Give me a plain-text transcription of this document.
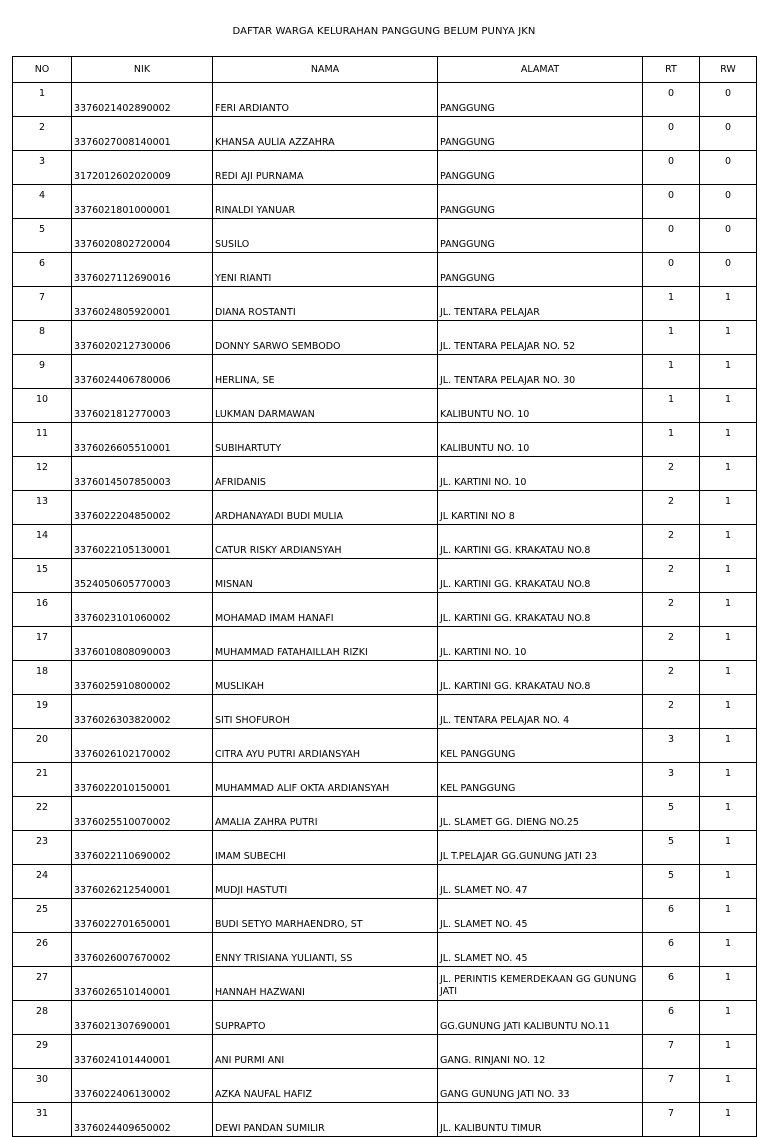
DAFTAR WARGA KELURAHAN PANGGUNG BELUM PUNYA JKN
NO	NIK	NAMA	ALAMAT	RT	RW
1	3376021402890002	FERI ARDIANTO	PANGGUNG	0	0
2	3376027008140001	KHANSA AULIA AZZAHRA	PANGGUNG	0	0
3	3172012602020009	REDI AJI PURNAMA	PANGGUNG	0	0
4	3376021801000001	RINALDI YANUAR	PANGGUNG	0	0
5	3376020802720004	SUSILO	PANGGUNG	0	0
6	3376027112690016	YENI RIANTI	PANGGUNG	0	0
7	3376024805920001	DIANA ROSTANTI	JL. TENTARA PELAJAR	1	1
8	3376020212730006	DONNY SARWO SEMBODO	JL. TENTARA PELAJAR NO. 52	1	1
9	3376024406780006	HERLINA, SE	JL. TENTARA PELAJAR NO. 30	1	1
10	3376021812770003	LUKMAN DARMAWAN	KALIBUNTU NO. 10	1	1
11	3376026605510001	SUBIHARTUTY	KALIBUNTU NO. 10	1	1
12	3376014507850003	AFRIDANIS	JL. KARTINI NO. 10	2	1
13	3376022204850002	ARDHANAYADI BUDI MULIA	JL KARTINI NO 8	2	1
14	3376022105130001	CATUR RISKY ARDIANSYAH	JL. KARTINI GG. KRAKATAU NO.8	2	1
15	3524050605770003	MISNAN	JL. KARTINI GG. KRAKATAU NO.8	2	1
16	3376023101060002	MOHAMAD IMAM HANAFI	JL. KARTINI GG. KRAKATAU NO.8	2	1
17	3376010808090003	MUHAMMAD FATAHAILLAH RIZKI	JL. KARTINI NO. 10	2	1
18	3376025910800002	MUSLIKAH	JL. KARTINI GG. KRAKATAU NO.8	2	1
19	3376026303820002	SITI SHOFUROH	JL. TENTARA PELAJAR NO. 4	2	1
20	3376026102170002	CITRA AYU PUTRI ARDIANSYAH	KEL PANGGUNG	3	1
21	3376022010150001	MUHAMMAD ALIF OKTA ARDIANSYAH	KEL PANGGUNG	3	1
22	3376025510070002	AMALIA ZAHRA PUTRI	JL. SLAMET GG. DIENG NO.25	5	1
23	3376022110690002	IMAM SUBECHI	JL T.PELAJAR GG.GUNUNG JATI 23	5	1
24	3376026212540001	MUDJI HASTUTI	JL. SLAMET NO. 47	5	1
25	3376022701650001	BUDI SETYO MARHAENDRO, ST	JL. SLAMET NO. 45	6	1
26	3376026007670002	ENNY TRISIANA YULIANTI, SS	JL. SLAMET NO. 45	6	1
27	3376026510140001	HANNAH HAZWANI	JL. PERINTIS KEMERDEKAAN GG GUNUNG JATI	6	1
28	3376021307690001	SUPRAPTO	GG.GUNUNG JATI KALIBUNTU NO.11	6	1
29	3376024101440001	ANI PURMI ANI	GANG. RINJANI NO. 12	7	1
30	3376022406130002	AZKA NAUFAL HAFIZ	GANG GUNUNG JATI NO. 33	7	1
31	3376024409650002	DEWI PANDAN SUMILIR	JL. KALIBUNTU TIMUR	7	1
